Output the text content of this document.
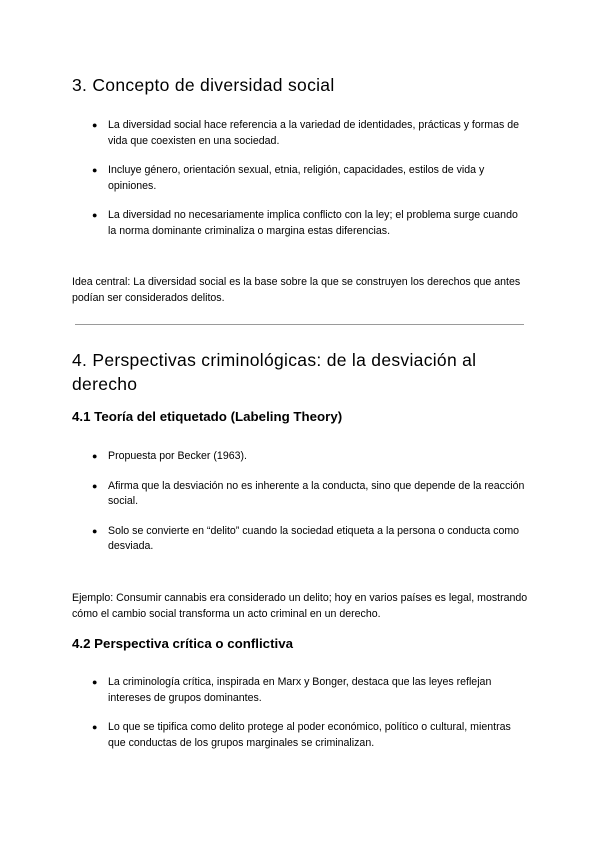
3. Concepto de diversidad social
● La diversidad social hace referencia a la variedad de identidades, prácticas y formas de vida que coexisten en una sociedad.
● Incluye género, orientación sexual, etnia, religión, capacidades, estilos de vida y opiniones.
● La diversidad no necesariamente implica conflicto con la ley; el problema surge cuando la norma dominante criminaliza o margina estas diferencias.

Idea central: La diversidad social es la base sobre la que se construyen los derechos que antes podían ser considerados delitos.

4. Perspectivas criminológicas: de la desviación al derecho
4.1 Teoría del etiquetado (Labeling Theory)
● Propuesta por Becker (1963).
● Afirma que la desviación no es inherente a la conducta, sino que depende de la reacción social.
● Solo se convierte en “delito” cuando la sociedad etiqueta a la persona o conducta como desviada.

Ejemplo: Consumir cannabis era considerado un delito; hoy en varios países es legal, mostrando cómo el cambio social transforma un acto criminal en un derecho.

4.2 Perspectiva crítica o conflictiva
● La criminología crítica, inspirada en Marx y Bonger, destaca que las leyes reflejan intereses de grupos dominantes.
● Lo que se tipifica como delito protege al poder económico, político o cultural, mientras que conductas de los grupos marginales se criminalizan.
